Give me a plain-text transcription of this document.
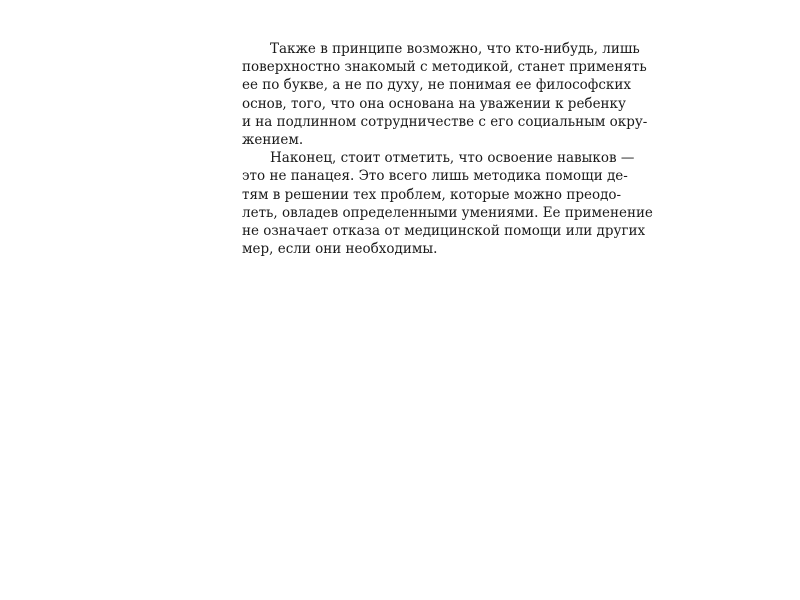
Также в принципе возможно, что кто-нибудь, лишь
поверхностно знакомый с методикой, станет применять
ее по букве, а не по духу, не понимая ее философских
основ, того, что она основана на уважении к ребенку
и на подлинном сотрудничестве с его социальным окру-
жением.

Наконец, стоит отметить, что освоение навыков —
это не панацея. Это всего лишь методика помощи де-
тям в решении тех проблем, которые можно преодо-
леть, овладев определенными умениями. Ее применение
не означает отказа от медицинской помощи или других
мер, если они необходимы.
